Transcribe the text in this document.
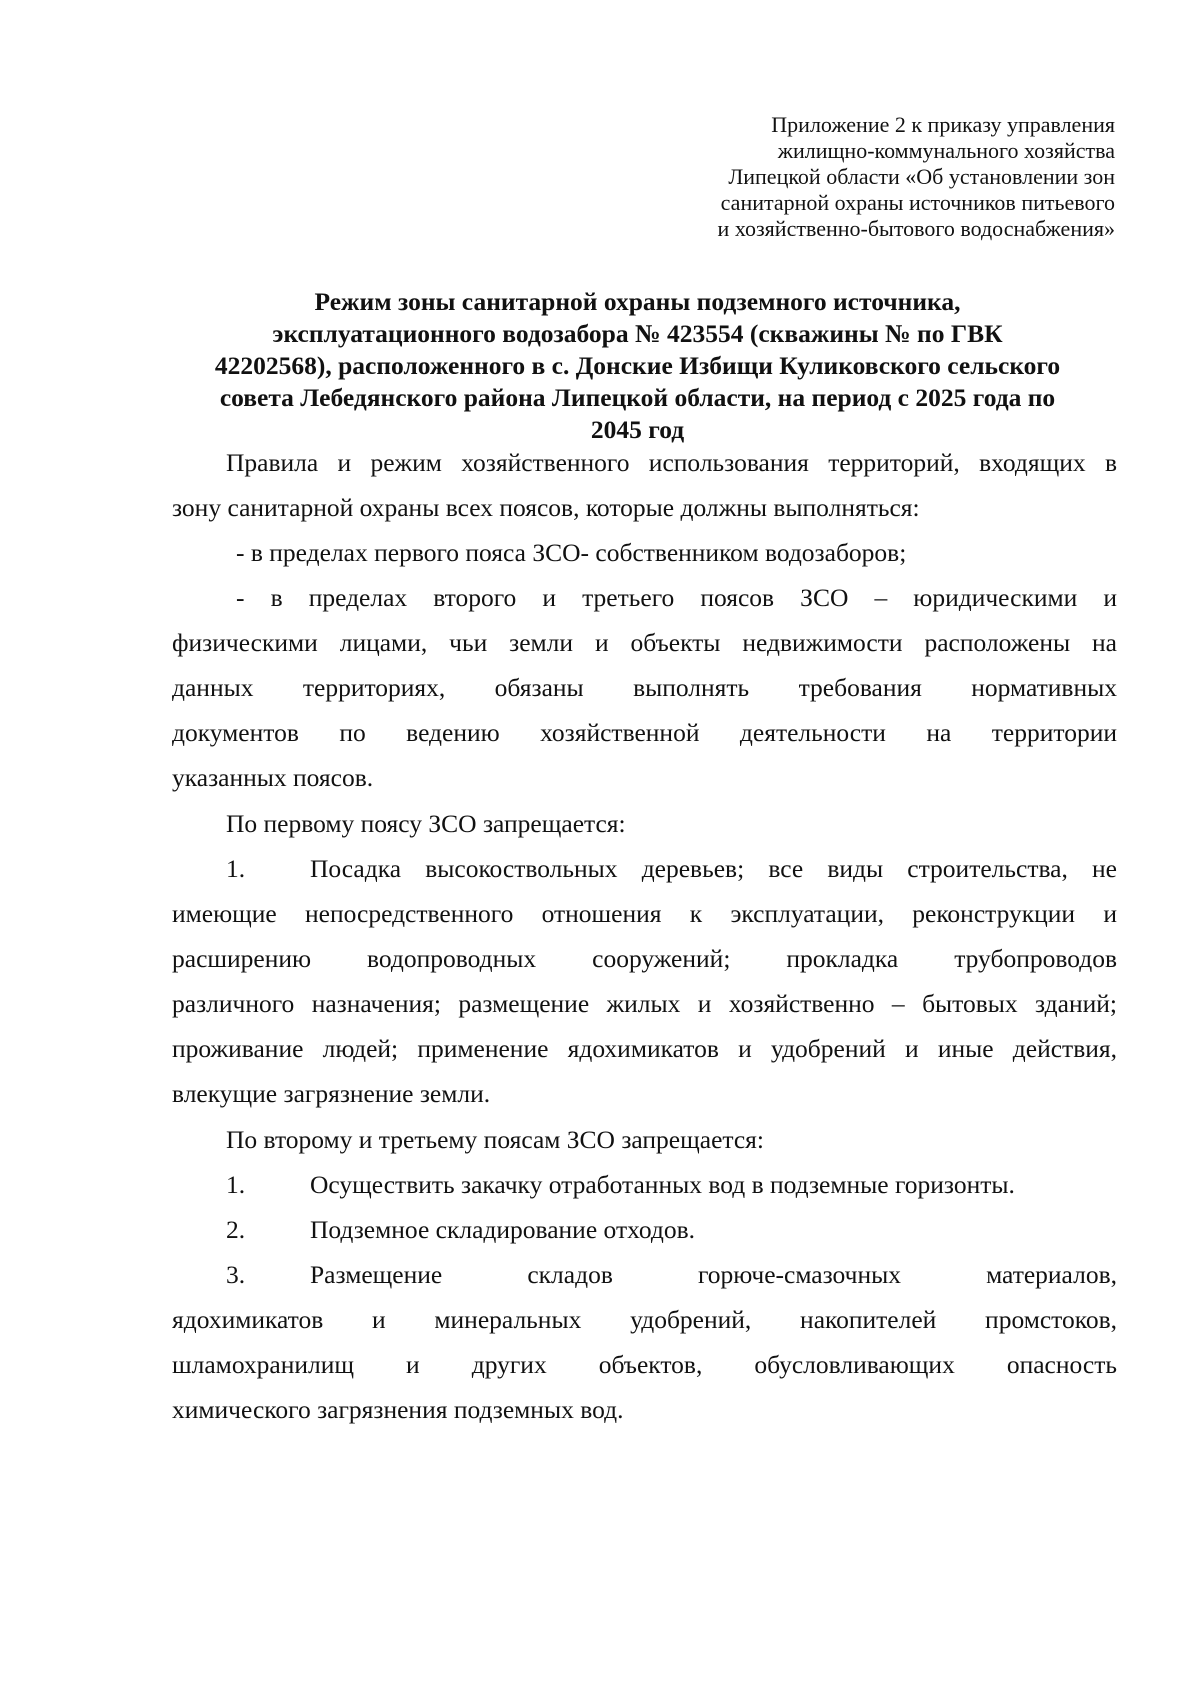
Приложение 2 к приказу управления
жилищно-коммунального хозяйства
Липецкой области «Об установлении зон
санитарной охраны источников питьевого
и хозяйственно-бытового водоснабжения»
Режим зоны санитарной охраны подземного источника,
эксплуатационного водозабора № 423554 (скважины № по ГВК
42202568), расположенного в с. Донские Избищи Куликовского сельского
совета Лебедянского района Липецкой области, на период с 2025 года по
2045 год
Правила и режим хозяйственного использования территорий, входящих в
зону санитарной охраны всех поясов, которые должны выполняться:
- в пределах первого пояса ЗСО- собственником водозаборов;
- в пределах второго и третьего поясов ЗСО – юридическими и
физическими лицами, чьи земли и объекты недвижимости расположены на
данных территориях, обязаны выполнять требования нормативных
документов по ведению хозяйственной деятельности на территории
указанных поясов.
По первому поясу ЗСО запрещается:
1.	Посадка высокоствольных деревьев; все виды строительства, не
имеющие непосредственного отношения к эксплуатации, реконструкции и
расширению водопроводных сооружений; прокладка трубопроводов
различного назначения; размещение жилых и хозяйственно – бытовых зданий;
проживание людей; применение ядохимикатов и удобрений и иные действия,
влекущие загрязнение земли.
По второму и третьему поясам ЗСО запрещается:
1.	Осуществить закачку отработанных вод в подземные горизонты.
2.	Подземное складирование отходов.
3.	Размещение складов горюче-смазочных материалов,
ядохимикатов и минеральных удобрений, накопителей промстоков,
шламохранилищ и других объектов, обусловливающих опасность
химического загрязнения подземных вод.
